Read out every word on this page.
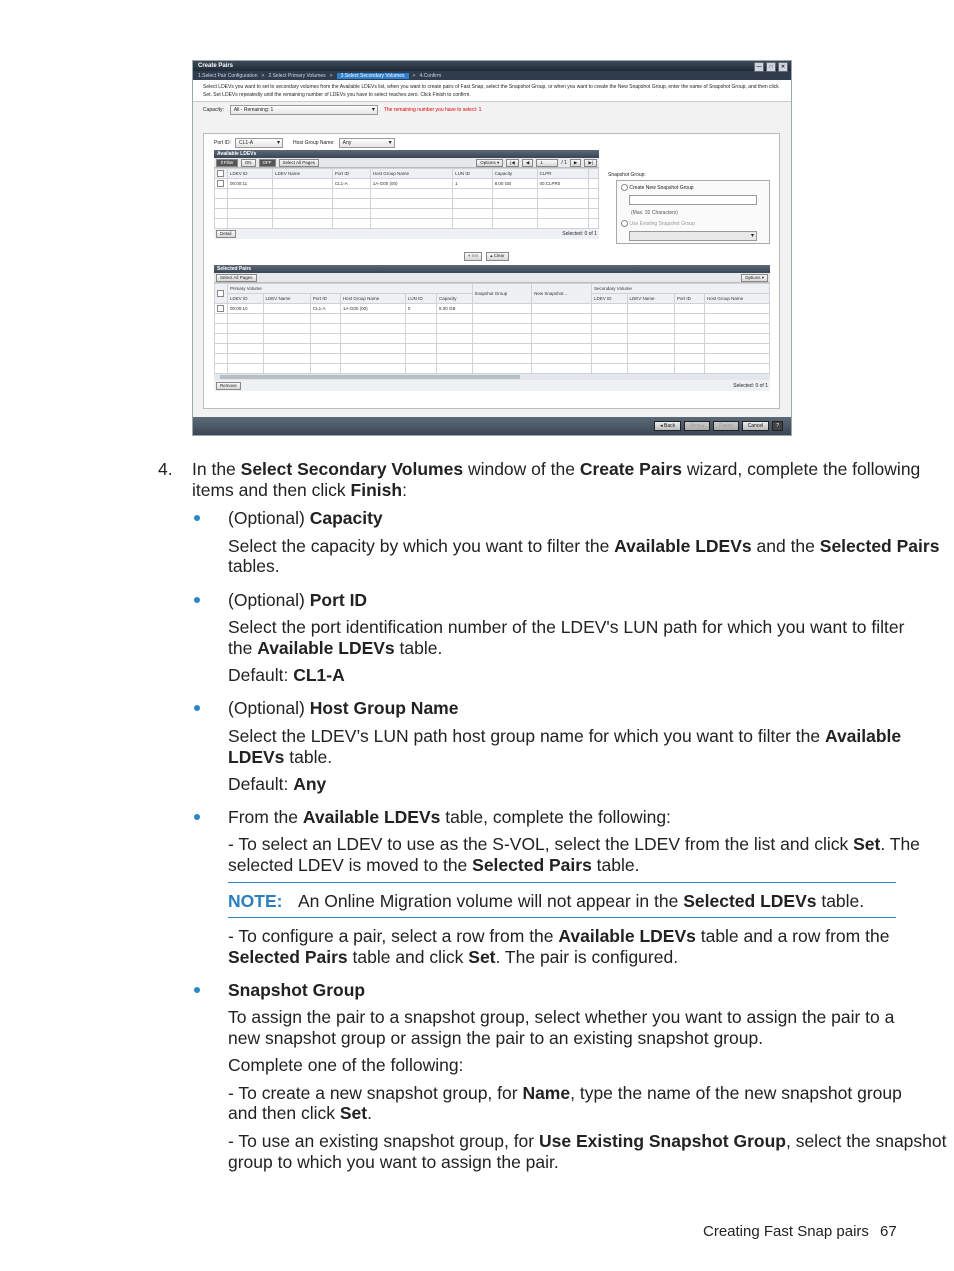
Create Pairs	—	□	✕
1.Select Pair Configuration > 2.Select Primary Volumes >	3.Select Secondary Volumes	> 4.Confirm
Select LDEVs you want to set to secondary volumes from the Available LDEVs list, when you want to create pairs of Fast Snap, select the Snapshot Group, or when you want to create the New Snapshot Group, enter the name of Snapshot Group, and then click Set. Set LDEVs repeatedly until the remaining number of LDEVs you have to select reaches zero. Click Finish to confirm.
Capacity: All - Remaining: 1
▾	The remaining number you have to select: 1
Port ID: CL1-A
▾	Host Group Name: Any
▾
Available LDEVs
⇕Filter	ON	OFF	Select All Pages	Options ▾	|◀	◀	1	/ 1	▶	▶|
	LDEV ID	LDEV Name	Port ID	Host Group Name	LUN ID	Capacity	CLPR	
	00:00:11		CL1-A	1A-G00 (00)	1	8.00 GB	00:CLPR0	

Detail	Selected: 0 of 1
Snapshot Group:
Create New Snapshot Group
(Max. 32 Characters)
Use Existing Snapshot Group
▾
▾ Set	▴ Clear
Selected Pairs
Select All Pages	Options ▾
	Primary Volume						Snapshot Group	New Snapshot...	Secondary Volume			
	LDEV ID	LDEV Name	Port ID	Host Group Name	LUN ID	Capacity			LDEV ID	LDEV Name	Port ID	Host Group Name
	00:00:10		CL1-A	1A-G00 (00)	0	8.00 GB						

Remove	Selected: 0 of 1
◂ Back	Next ▸	Finish	Cancel	?
4. In the Select Secondary Volumes window of the Create Pairs wizard, complete the following
items and then click Finish:
(Optional) Capacity
Select the capacity by which you want to filter the Available LDEVs and the Selected Pairs
tables.
(Optional) Port ID
Select the port identification number of the LDEV's LUN path for which you want to filter
the Available LDEVs table.
Default: CL1-A
(Optional) Host Group Name
Select the LDEV’s LUN path host group name for which you want to filter the Available
LDEVs table.
Default: Any
From the Available LDEVs table, complete the following:
- To select an LDEV to use as the S-VOL, select the LDEV from the list and click Set. The
selected LDEV is moved to the Selected Pairs table.
NOTE: An Online Migration volume will not appear in the Selected LDEVs table.
- To configure a pair, select a row from the Available LDEVs table and a row from the
Selected Pairs table and click Set. The pair is configured.
Snapshot Group
To assign the pair to a snapshot group, select whether you want to assign the pair to a
new snapshot group or assign the pair to an existing snapshot group.
Complete one of the following:
- To create a new snapshot group, for Name, type the name of the new snapshot group
and then click Set.
- To use an existing snapshot group, for Use Existing Snapshot Group, select the snapshot
group to which you want to assign the pair.
Creating Fast Snap pairs 67
